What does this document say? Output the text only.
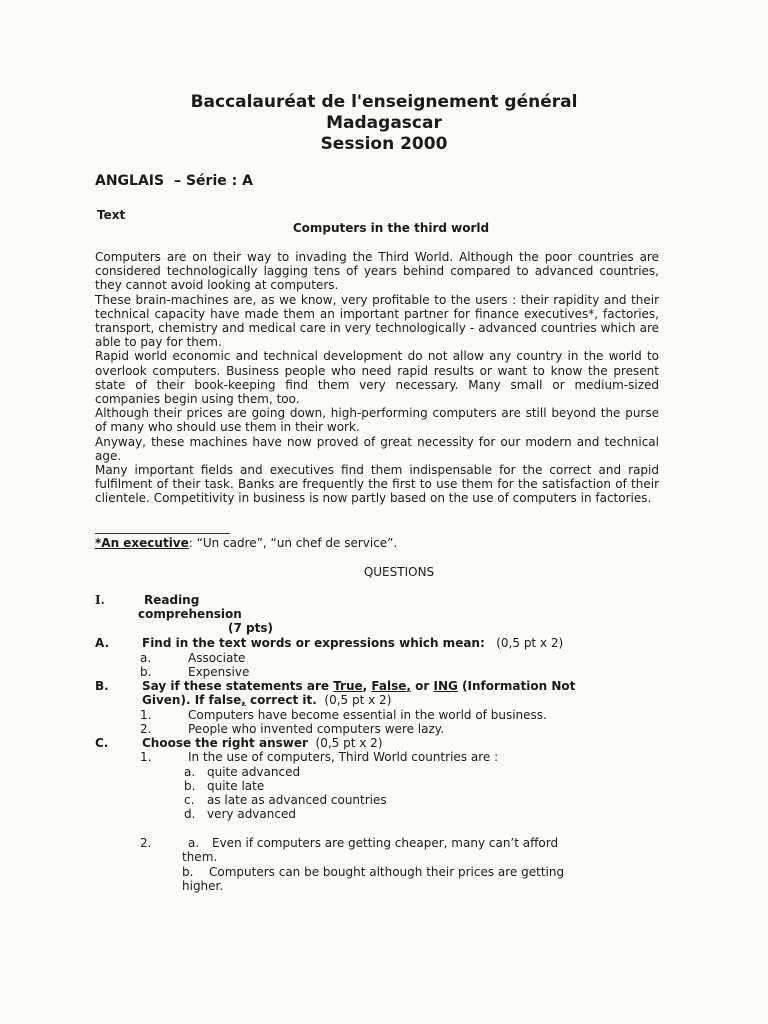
Baccalauréat de l'enseignement général
Madagascar
Session 2000
ANGLAIS – Série : A
Text
Computers in the third world

Computers are on their way to invading the Third World. Although the poor countries are considered technologically lagging tens of years behind compared to advanced countries, they cannot avoid looking at computers.

These brain-machines are, as we know, very profitable to the users : their rapidity and their technical capacity have made them an important partner for finance executives*, factories, transport, chemistry and medical care in very technologically - advanced countries which are able to pay for them.

Rapid world economic and technical development do not allow any country in the world to overlook computers. Business people who need rapid results or want to know the present state of their book-keeping find them very necessary. Many small or medium-sized companies begin using them, too.

Although their prices are going down, high-performing computers are still beyond the purse of many who should use them in their work.

Anyway, these machines have now proved of great necessity for our modern and technical age.

Many important fields and executives find them indispensable for the correct and rapid fulfilment of their task. Banks are frequently the first to use them for the satisfaction of their clientele. Competitivity in business is now partly based on the use of computers in factories.

*An executive: “Un cadre”, “un chef de service”.
QUESTIONS
I.	Reading
comprehension
(7 pts)
A.	Find in the text words or expressions which mean: (0,5 pt x 2)
a.	Associate
b.	Expensive
B.	Say if these statements are True, False, or ING (Information Not
Given). If false, correct it. (0,5 pt x 2)
1.	Computers have become essential in the world of business.
2.	People who invented computers were lazy.
C.	Choose the right answer (0,5 pt x 2)
1.	In the use of computers, Third World countries are :
a. quite advanced
b. quite late
c. as late as advanced countries
d. very advanced
2.	a. Even if computers are getting cheaper, many can’t afford
them.
b. Computers can be bought although their prices are getting
higher.
